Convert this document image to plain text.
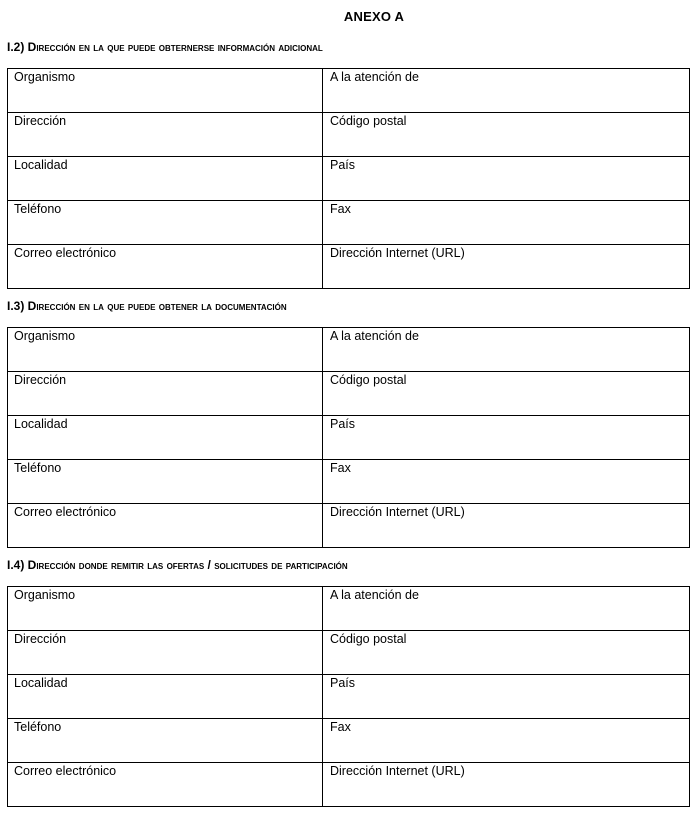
ANEXO A
I.2) Dirección en la que puede obternerse información adicional
Organismo	A la atención de

Dirección	Código postal

Localidad	País

Teléfono	Fax

Correo electrónico	Dirección Internet (URL)
I.3) Dirección en la que puede obtener la documentación
Organismo	A la atención de

Dirección	Código postal

Localidad	País

Teléfono	Fax

Correo electrónico	Dirección Internet (URL)
I.4) Dirección donde remitir las ofertas / solicitudes de participación
Organismo	A la atención de

Dirección	Código postal

Localidad	País

Teléfono	Fax

Correo electrónico	Dirección Internet (URL)
